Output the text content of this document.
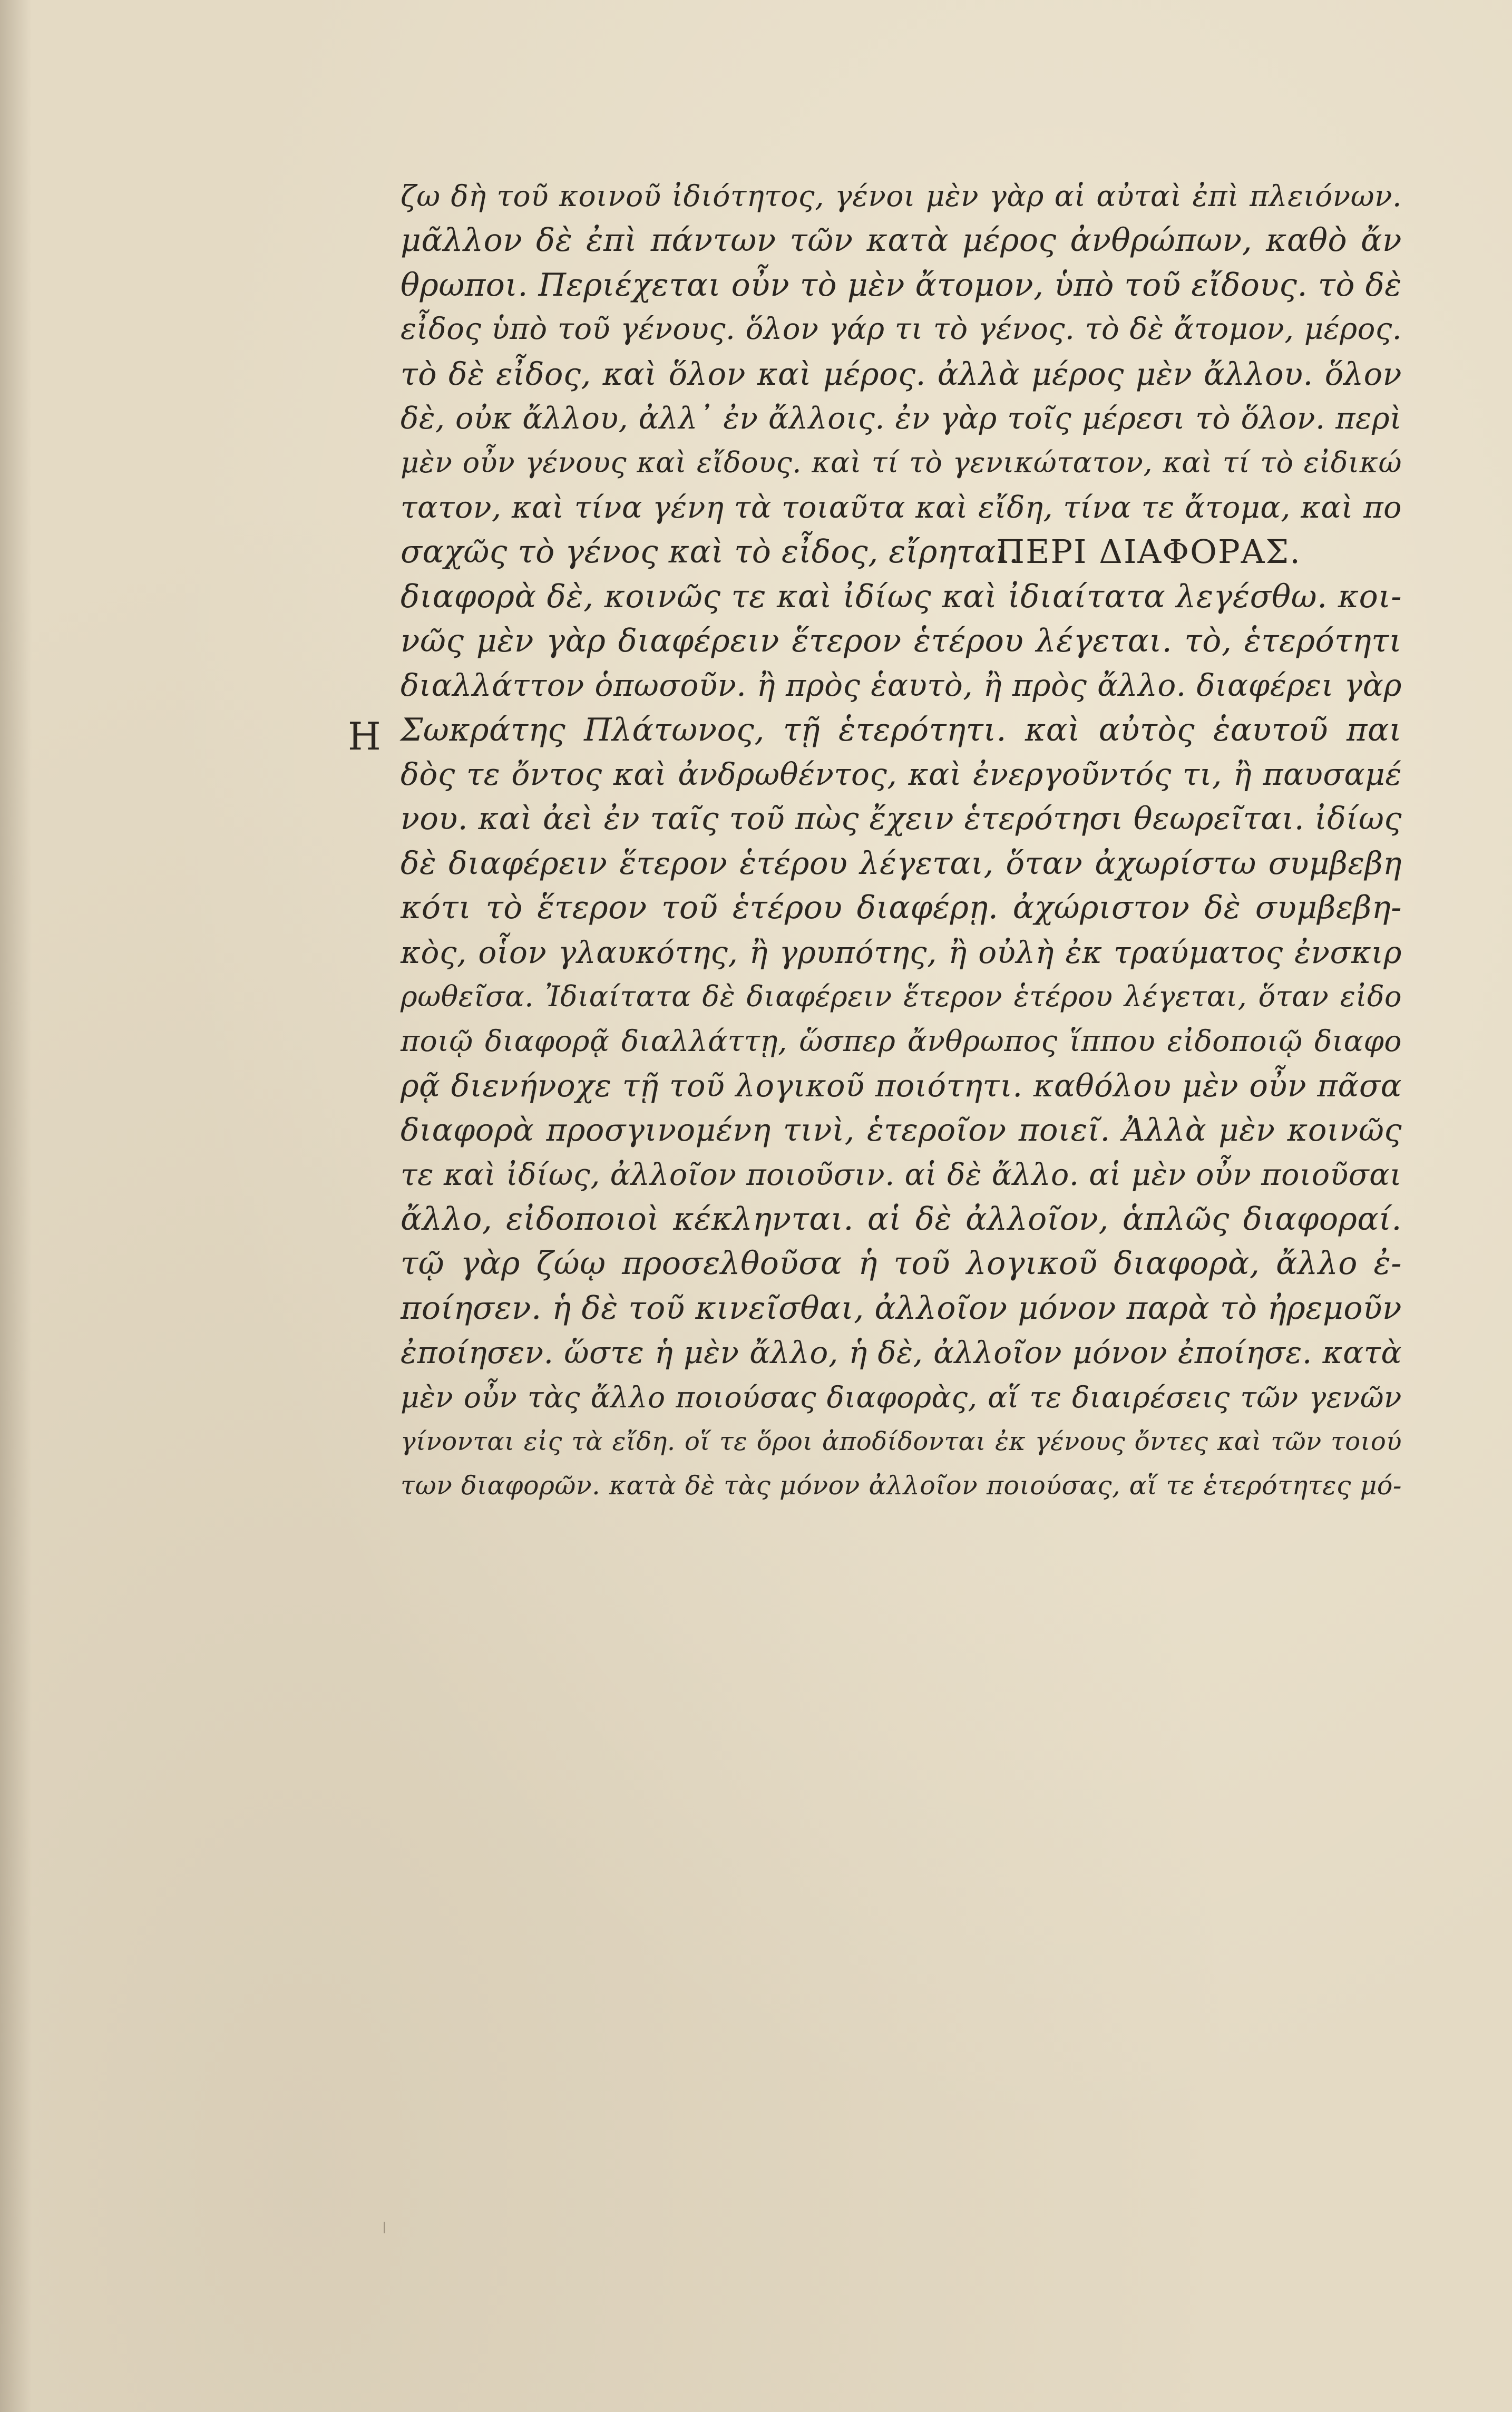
Η
ζω δὴ τοῦ κοινοῦ ἰδιότητος, γένοι μὲν γὰρ αἱ αὐταὶ ἐπὶ πλειόνων.
μᾶλλον δὲ ἐπὶ πάντων τῶν κατὰ μέρος ἀνθρώπων, καθὸ ἄν
θρωποι. Περιέχεται οὖν τὸ μὲν ἄτομον, ὑπὸ τοῦ εἴδους. τὸ δὲ
εἶδος ὑπὸ τοῦ γένους. ὅλον γάρ τι τὸ γένος. τὸ δὲ ἄτομον, μέρος.
τὸ δὲ εἶδος, καὶ ὅλον καὶ μέρος. ἀλλὰ μέρος μὲν ἄλλου. ὅλον
δὲ, οὐκ ἄλλου, ἀλλ᾽ ἐν ἄλλοις. ἐν γὰρ τοῖς μέρεσι τὸ ὅλον. περὶ
μὲν οὖν γένους καὶ εἴδους. καὶ τί τὸ γενικώτατον, καὶ τί τὸ εἰδικώ
τατον, καὶ τίνα γένη τὰ τοιαῦτα καὶ εἴδη, τίνα τε ἄτομα, καὶ πο
σαχῶς τὸ γένος καὶ τὸ εἶδος, εἴρηται.
ΠΕΡΙ ΔΙΑΦΟΡΑΣ.
διαφορὰ δὲ, κοινῶς τε καὶ ἰδίως καὶ ἰδιαίτατα λεγέσθω. κοι-
νῶς μὲν γὰρ διαφέρειν ἕτερον ἑτέρου λέγεται. τὸ, ἑτερότητι
διαλλάττον ὁπωσοῦν. ἢ πρὸς ἑαυτὸ, ἢ πρὸς ἄλλο. διαφέρει γὰρ
Σωκράτης Πλάτωνος, τῇ ἑτερότητι. καὶ αὐτὸς ἑαυτοῦ παι
δὸς τε ὄντος καὶ ἀνδρωθέντος, καὶ ἐνεργοῦντός τι, ἢ παυσαμέ
νου. καὶ ἀεὶ ἐν ταῖς τοῦ πὼς ἔχειν ἑτερότησι θεωρεῖται. ἰδίως
δὲ διαφέρειν ἕτερον ἑτέρου λέγεται, ὅταν ἀχωρίστω συμβεβη
κότι τὸ ἕτερον τοῦ ἑτέρου διαφέρῃ. ἀχώριστον δὲ συμβεβη-
κὸς, οἷον γλαυκότης, ἢ γρυπότης, ἢ οὐλὴ ἐκ τραύματος ἐνσκιρ
ρωθεῖσα. Ἰδιαίτατα δὲ διαφέρειν ἕτερον ἑτέρου λέγεται, ὅταν εἰδο
ποιῷ διαφορᾷ διαλλάττῃ, ὥσπερ ἄνθρωπος ἵππου εἰδοποιῷ διαφο
ρᾷ διενήνοχε τῇ τοῦ λογικοῦ ποιότητι. καθόλου μὲν οὖν πᾶσα
διαφορὰ προσγινομένη τινὶ, ἑτεροῖον ποιεῖ. Ἀλλὰ μὲν κοινῶς
τε καὶ ἰδίως, ἀλλοῖον ποιοῦσιν. αἱ δὲ ἄλλο. αἱ μὲν οὖν ποιοῦσαι
ἄλλο, εἰδοποιοὶ κέκληνται. αἱ δὲ ἀλλοῖον, ἁπλῶς διαφοραί.
τῷ γὰρ ζώῳ προσελθοῦσα ἡ τοῦ λογικοῦ διαφορὰ, ἄλλο ἐ-
ποίησεν. ἡ δὲ τοῦ κινεῖσθαι, ἀλλοῖον μόνον παρὰ τὸ ἠρεμοῦν
ἐποίησεν. ὥστε ἡ μὲν ἄλλο, ἡ δὲ, ἀλλοῖον μόνον ἐποίησε. κατὰ
μὲν οὖν τὰς ἄλλο ποιούσας διαφορὰς, αἵ τε διαιρέσεις τῶν γενῶν
γίνονται εἰς τὰ εἴδη. οἵ τε ὅροι ἀποδίδονται ἐκ γένους ὄντες καὶ τῶν τοιού
των διαφορῶν. κατὰ δὲ τὰς μόνον ἀλλοῖον ποιούσας, αἵ τε ἑτερότητες μό-
